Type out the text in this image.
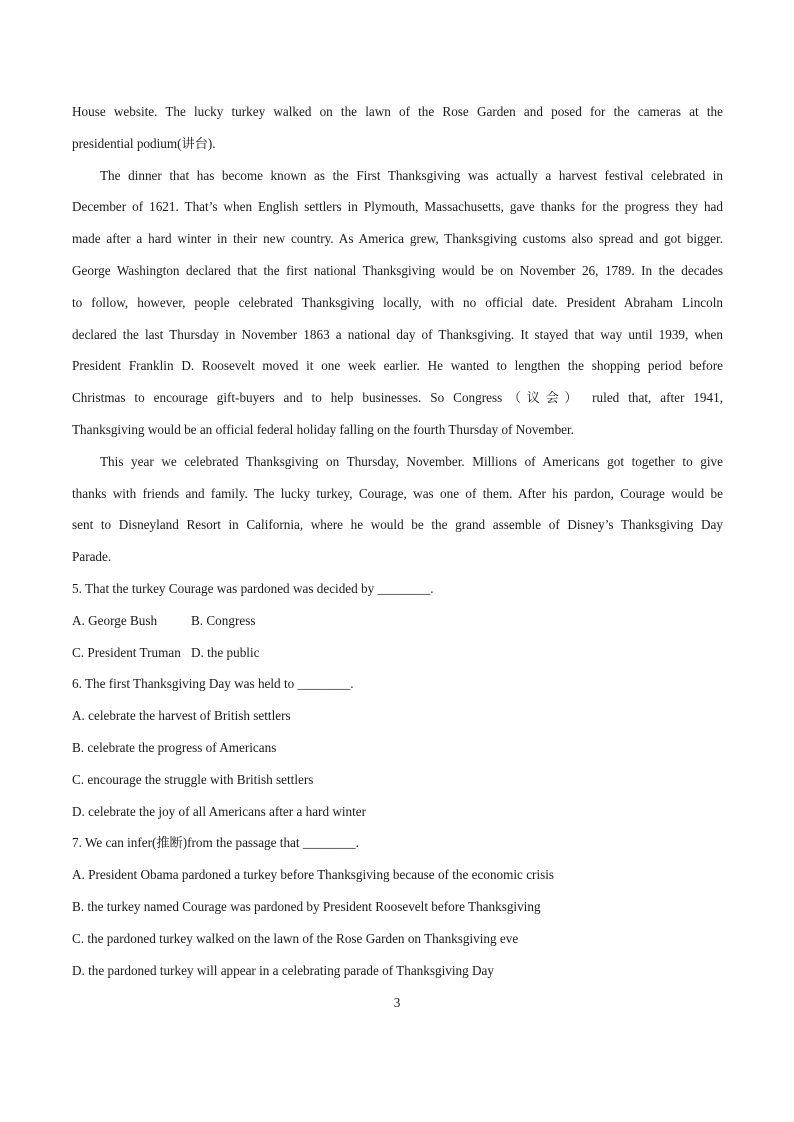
House website. The lucky turkey walked on the lawn of the Rose Garden and posed for the cameras at the
presidential podium(讲台).
The dinner that has become known as the First Thanksgiving was actually a harvest festival celebrated in
December of 1621. That’s when English settlers in Plymouth, Massachusetts, gave thanks for the progress they had
made after a hard winter in their new country. As America grew, Thanksgiving customs also spread and got bigger.
George Washington declared that the first national Thanksgiving would be on November 26, 1789. In the decades
to follow, however, people celebrated Thanksgiving locally, with no official date. President Abraham Lincoln
declared the last Thursday in November 1863 a national day of Thanksgiving. It stayed that way until 1939, when
President Franklin D. Roosevelt moved it one week earlier. He wanted to lengthen the shopping period before
Christmas to encourage gift-buyers and to help businesses. So Congress（议会） ruled that, after 1941,
Thanksgiving would be an official federal holiday falling on the fourth Thursday of November.
This year we celebrated Thanksgiving on Thursday, November. Millions of Americans got together to give
thanks with friends and family. The lucky turkey, Courage, was one of them. After his pardon, Courage would be
sent to Disneyland Resort in California, where he would be the grand assemble of Disney’s Thanksgiving Day
Parade.
5. That the turkey Courage was pardoned was decided by ________.
A. George Bush	B. Congress
C. President Truman D. the public
6. The first Thanksgiving Day was held to ________.
A. celebrate the harvest of British settlers
B. celebrate the progress of Americans
C. encourage the struggle with British settlers
D. celebrate the joy of all Americans after a hard winter
7. We can infer(推断)from the passage that ________.
A. President Obama pardoned a turkey before Thanksgiving because of the economic crisis
B. the turkey named Courage was pardoned by President Roosevelt before Thanksgiving
C. the pardoned turkey walked on the lawn of the Rose Garden on Thanksgiving eve
D. the pardoned turkey will appear in a celebrating parade of Thanksgiving Day
3
